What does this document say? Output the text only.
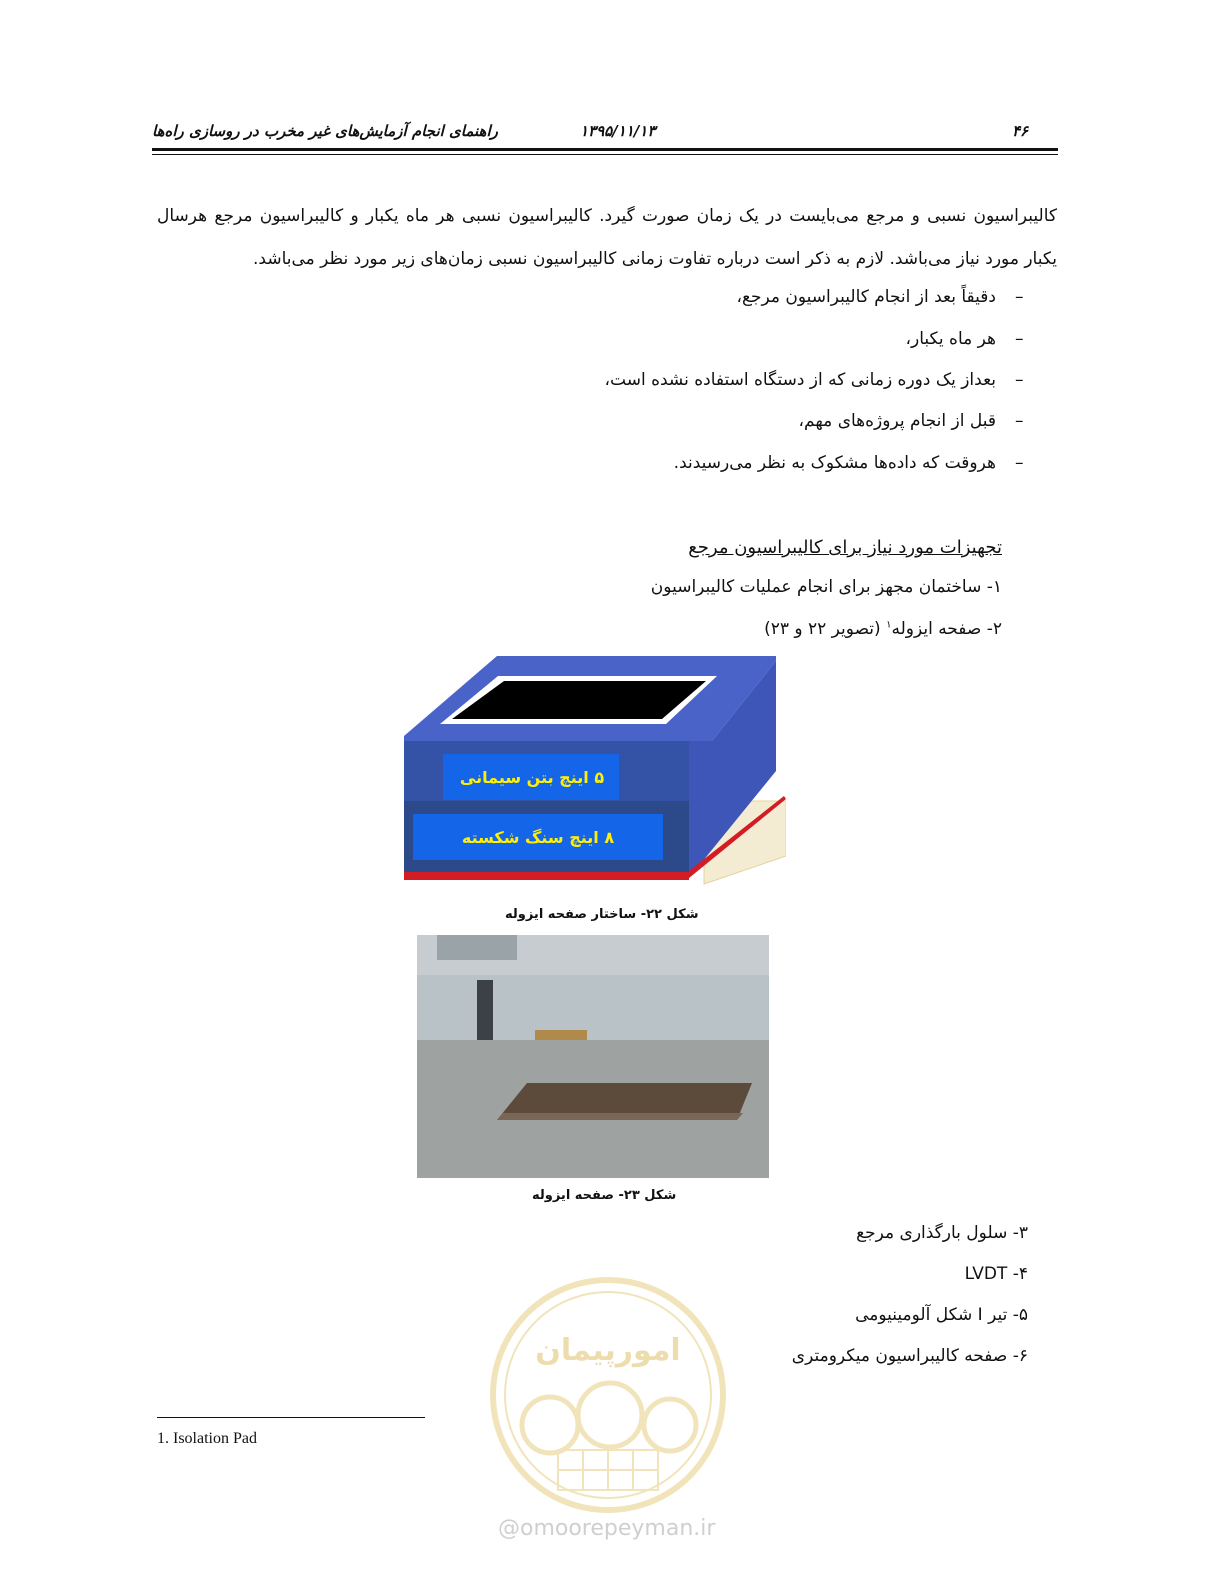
۴۶
۱۳۹۵/۱۱/۱۳
راهنمای انجام آزمایش‌های غیر مخرب در روسازی راه‌ها
کالیبراسیون نسبی و مرجع می‌بایست در یک زمان صورت گیرد. کالیبراسیون نسبی هر ماه یکبار و کالیبراسیون مرجع هرسال یکبار مورد نیاز می‌باشد. لازم به ذکر است درباره تفاوت زمانی کالیبراسیون نسبی زمان‌های زیر مورد نظر می‌باشد.
–
دقیقاً بعد از انجام کالیبراسیون مرجع،
–
هر ماه یکبار،
–
بعداز یک دوره زمانی که از دستگاه استفاده نشده است،
–
قبل از انجام پروژه‌های مهم،
–
هروقت که داده‌ها مشکوک به نظر می‌رسیدند.
تجهیزات مورد نیاز برای کالیبراسیون مرجع
۱- ساختمان مجهز برای انجام عملیات کالیبراسیون
۲- صفحه ایزوله$^۱$ (تصویر ۲۲ و ۲۳)
۵ اینچ بتن سیمانی
۸ اینچ سنگ شکسته
شکل ۲۲- ساختار صفحه ایزوله
شکل ۲۳- صفحه ایزوله
۳- سلول بارگذاری مرجع
LVDT -۴
۵- تیر I شکل آلومینیومی
۶- صفحه کالیبراسیون میکرومتری
امورپیمان
1. Isolation Pad
@omoorepeyman.ir
